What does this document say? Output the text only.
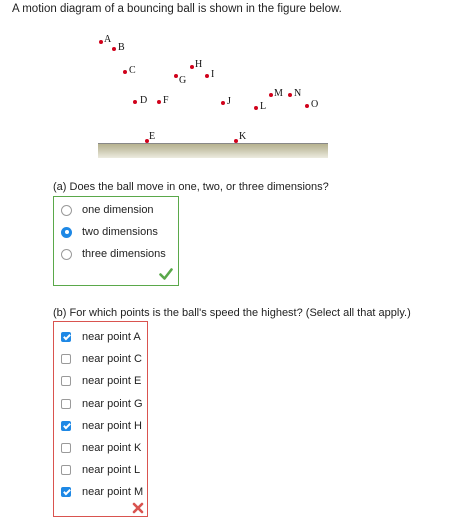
A motion diagram of a bouncing ball is shown in the figure below.
A
B
C
D
E
F
G
H
I
J
K
L
M N
O
(a) Does the ball move in one, two, or three dimensions?
one dimension
two dimensions
three dimensions
(b) For which points is the ball's speed the highest? (Select all that apply.)
near point A
near point C
near point E
near point G
near point H
near point K
near point L
near point M
